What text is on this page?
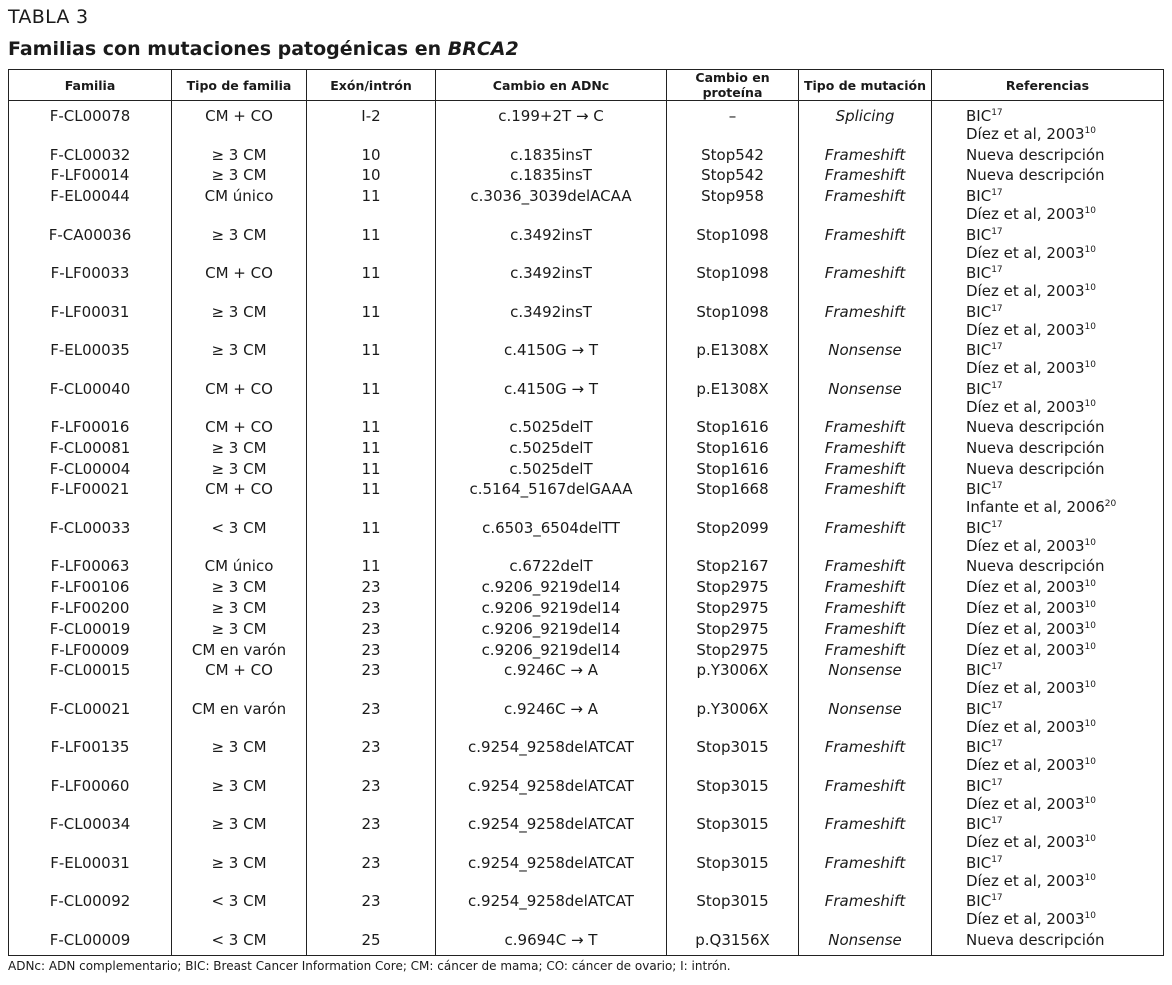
TABLA 3
Familias con mutaciones patogénicas en BRCA2
Familia	Tipo de familia	Exón/intrón	Cambio en ADNc	Cambio en proteína	Tipo de mutación	Referencias
F-CL00078	CM + CO	I-2	c.199+2T → C	–	Splicing	BIC$^{17}$
Díez et al, 2003$^{10}$

F-CL00032	≥ 3 CM	10	c.1835insT	Stop542	Frameshift	Nueva descripción

F-LF00014	≥ 3 CM	10	c.1835insT	Stop542	Frameshift	Nueva descripción

F-EL00044	CM único	11	c.3036_3039delACAA	Stop958	Frameshift	BIC$^{17}$
Díez et al, 2003$^{10}$

F-CA00036	≥ 3 CM	11	c.3492insT	Stop1098	Frameshift	BIC$^{17}$
Díez et al, 2003$^{10}$

F-LF00033	CM + CO	11	c.3492insT	Stop1098	Frameshift	BIC$^{17}$
Díez et al, 2003$^{10}$

F-LF00031	≥ 3 CM	11	c.3492insT	Stop1098	Frameshift	BIC$^{17}$
Díez et al, 2003$^{10}$

F-EL00035	≥ 3 CM	11	c.4150G → T	p.E1308X	Nonsense	BIC$^{17}$
Díez et al, 2003$^{10}$

F-CL00040	CM + CO	11	c.4150G → T	p.E1308X	Nonsense	BIC$^{17}$
Díez et al, 2003$^{10}$

F-LF00016	CM + CO	11	c.5025delT	Stop1616	Frameshift	Nueva descripción

F-CL00081	≥ 3 CM	11	c.5025delT	Stop1616	Frameshift	Nueva descripción

F-CL00004	≥ 3 CM	11	c.5025delT	Stop1616	Frameshift	Nueva descripción

F-LF00021	CM + CO	11	c.5164_5167delGAAA	Stop1668	Frameshift	BIC$^{17}$
Infante et al, 2006$^{20}$

F-CL00033	< 3 CM	11	c.6503_6504delTT	Stop2099	Frameshift	BIC$^{17}$
Díez et al, 2003$^{10}$

F-LF00063	CM único	11	c.6722delT	Stop2167	Frameshift	Nueva descripción

F-LF00106	≥ 3 CM	23	c.9206_9219del14	Stop2975	Frameshift	Díez et al, 2003$^{10}$

F-LF00200	≥ 3 CM	23	c.9206_9219del14	Stop2975	Frameshift	Díez et al, 2003$^{10}$

F-CL00019	≥ 3 CM	23	c.9206_9219del14	Stop2975	Frameshift	Díez et al, 2003$^{10}$

F-LF00009	CM en varón	23	c.9206_9219del14	Stop2975	Frameshift	Díez et al, 2003$^{10}$

F-CL00015	CM + CO	23	c.9246C → A	p.Y3006X	Nonsense	BIC$^{17}$
Díez et al, 2003$^{10}$

F-CL00021	CM en varón	23	c.9246C → A	p.Y3006X	Nonsense	BIC$^{17}$
Díez et al, 2003$^{10}$

F-LF00135	≥ 3 CM	23	c.9254_9258delATCAT	Stop3015	Frameshift	BIC$^{17}$
Díez et al, 2003$^{10}$

F-LF00060	≥ 3 CM	23	c.9254_9258delATCAT	Stop3015	Frameshift	BIC$^{17}$
Díez et al, 2003$^{10}$

F-CL00034	≥ 3 CM	23	c.9254_9258delATCAT	Stop3015	Frameshift	BIC$^{17}$
Díez et al, 2003$^{10}$

F-EL00031	≥ 3 CM	23	c.9254_9258delATCAT	Stop3015	Frameshift	BIC$^{17}$
Díez et al, 2003$^{10}$

F-CL00092	< 3 CM	23	c.9254_9258delATCAT	Stop3015	Frameshift	BIC$^{17}$
Díez et al, 2003$^{10}$

F-CL00009	< 3 CM	25	c.9694C → T	p.Q3156X	Nonsense	Nueva descripción
ADNc: ADN complementario; BIC: Breast Cancer Information Core; CM: cáncer de mama; CO: cáncer de ovario; I: intrón.
